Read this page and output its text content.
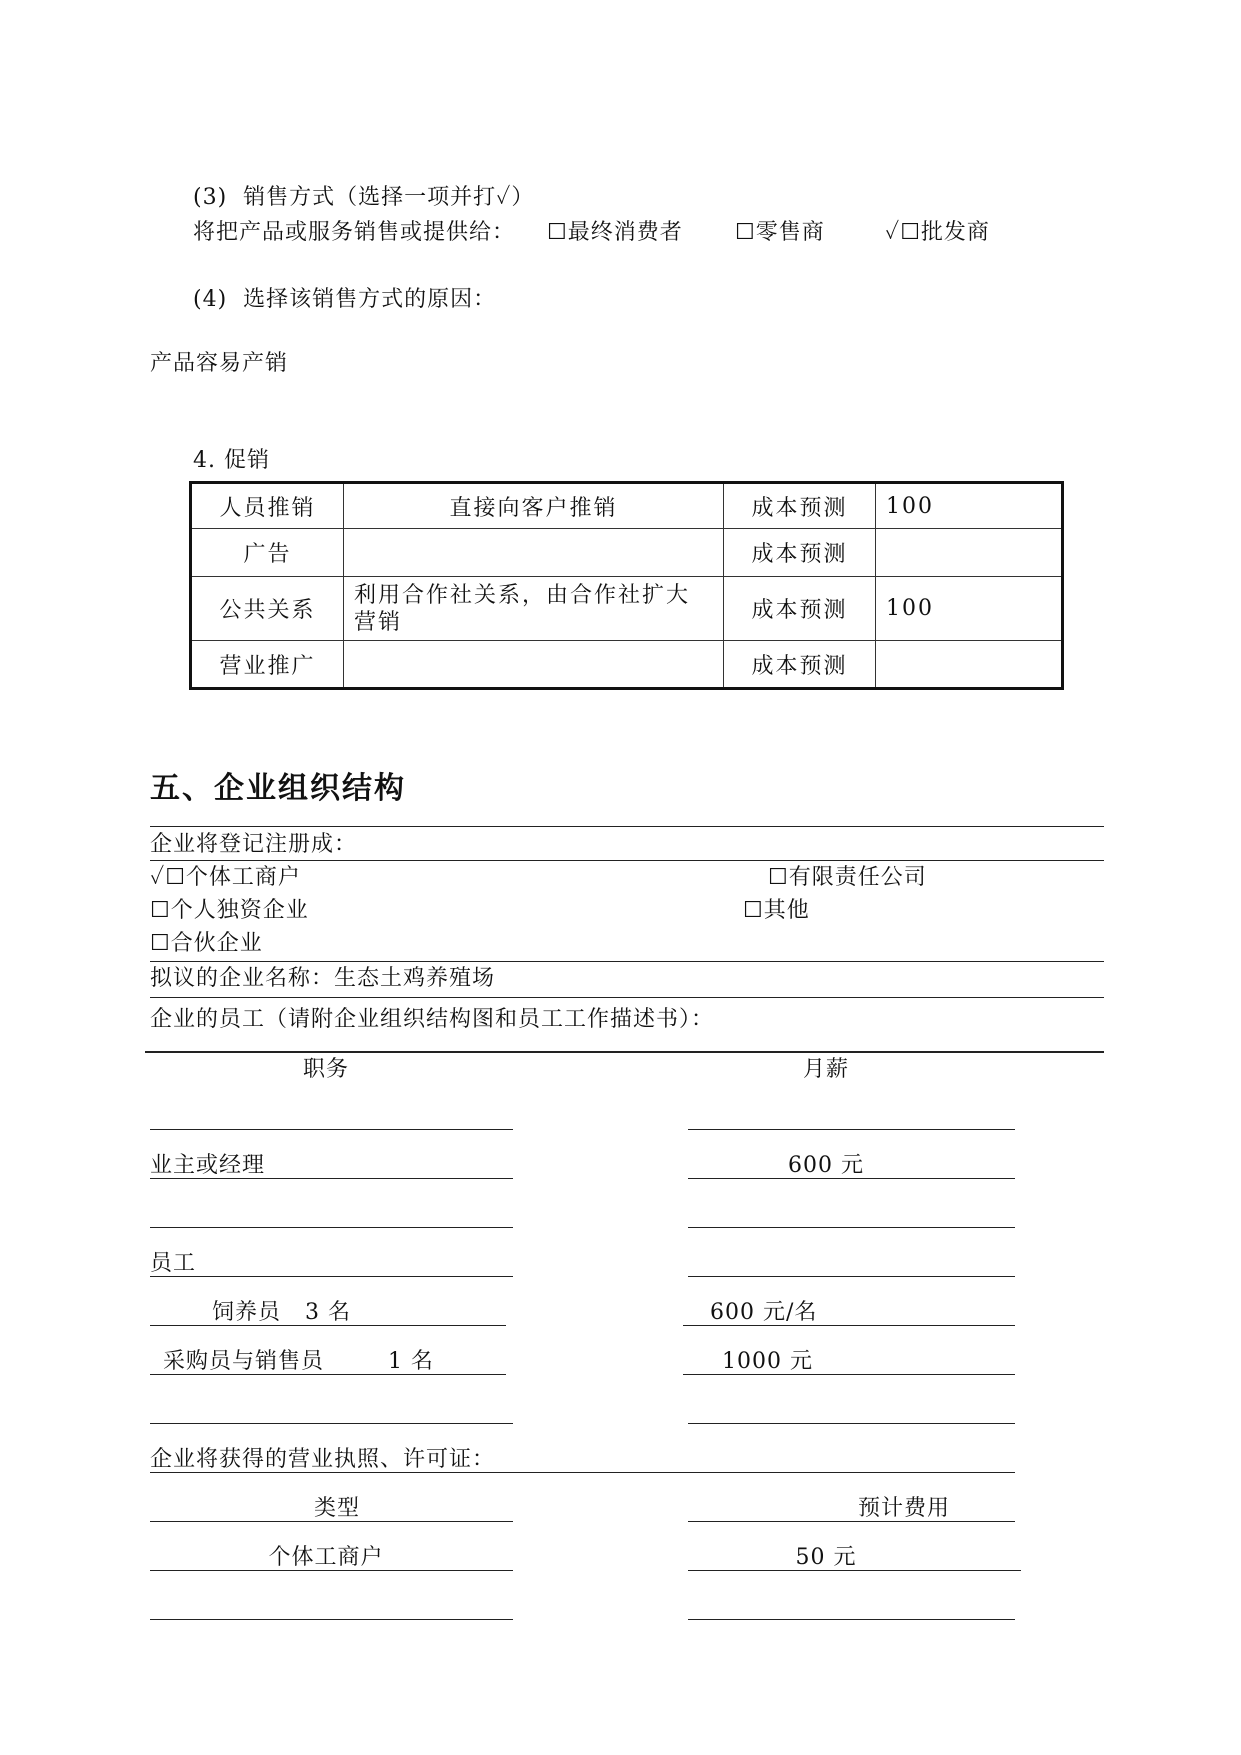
(3)  销售方式（选择一项并打✓）
将把产品或服务销售或提供给： ☐最终消费者 ☐零售商	✓☐批发商
(4)  选择该销售方式的原因：
产品容易产销
4. 促销
人员推销	直接向客户推销	成本预测	100
广告		成本预测	
公共关系	利用合作社关系，由合作社扩大营销	成本预测	100
营业推广		成本预测	
五、企业组织结构
企业将登记注册成：
✓☐个体工商户	☐有限责任公司
☐个人独资企业	☐其他
☐合伙企业
拟议的企业名称：生态土鸡养殖场
企业的员工（请附企业组织结构图和员工工作描述书）：
职务	月薪
业主或经理	600 元
员工
饲养员   3 名	600 元/名
采购员与销售员        1 名	1000 元
企业将获得的营业执照、许可证：
类型	预计费用
个体工商户	50 元
